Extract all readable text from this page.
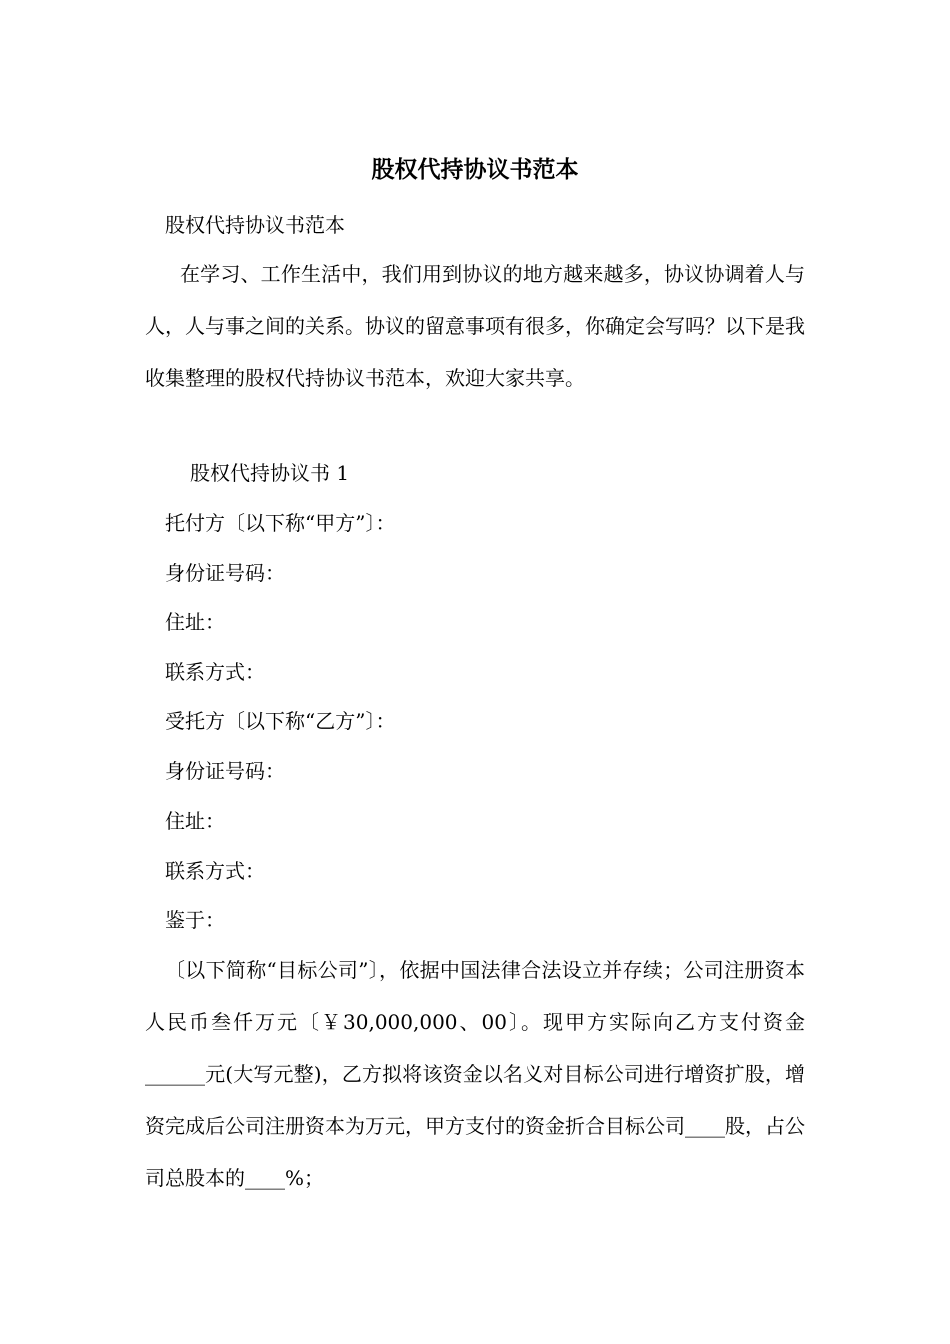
股权代持协议书范本

股权代持协议书范本

在学习、工作生活中，我们用到协议的地方越来越多，协议协调着人与人，人与事之间的关系。协议的留意事项有很多，你确定会写吗？以下是我收集整理的股权代持协议书范本，欢迎大家共享。

股权代持协议书 1

托付方〔以下称“甲方”〕：

身份证号码：

住址：

联系方式：

受托方〔以下称“乙方”〕：

身份证号码：

住址：

联系方式：

鉴于：

〔以下简称“目标公司”〕，依据中国法律合法设立并存续；公司注册资本人民币叁仟万元〔￥30,000,000、00〕。现甲方实际向乙方支付资金______元(大写元整)，乙方拟将该资金以名义对目标公司进行增资扩股，增资完成后公司注册资本为万元，甲方支付的资金折合目标公司____股，占公司总股本的____%；
